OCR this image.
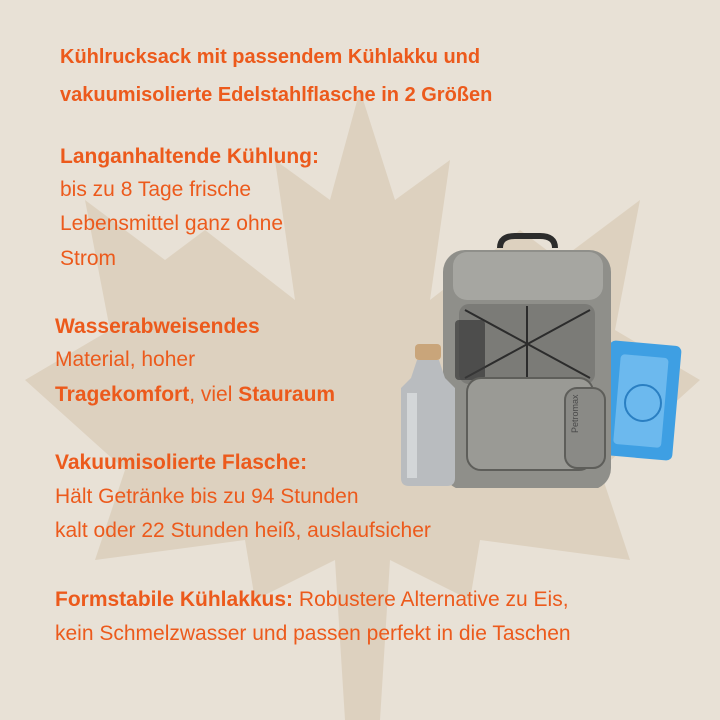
Kühlrucksack mit passendem Kühlakku und
vakuumisolierte Edelstahlflasche in 2 Größen

Langanhaltende Kühlung:

bis zu 8 Tage frische

Lebensmittel ganz ohne

Strom

Wasserabweisendes

Material, hoher

Tragekomfort, viel Stauraum

Vakuumisolierte Flasche:

Hält Getränke bis zu 94 Stunden

kalt oder 22 Stunden heiß, auslaufsicher

Formstabile Kühlakkus: Robustere Alternative zu Eis,

kein Schmelzwasser und passen perfekt in die Taschen

Petromax
